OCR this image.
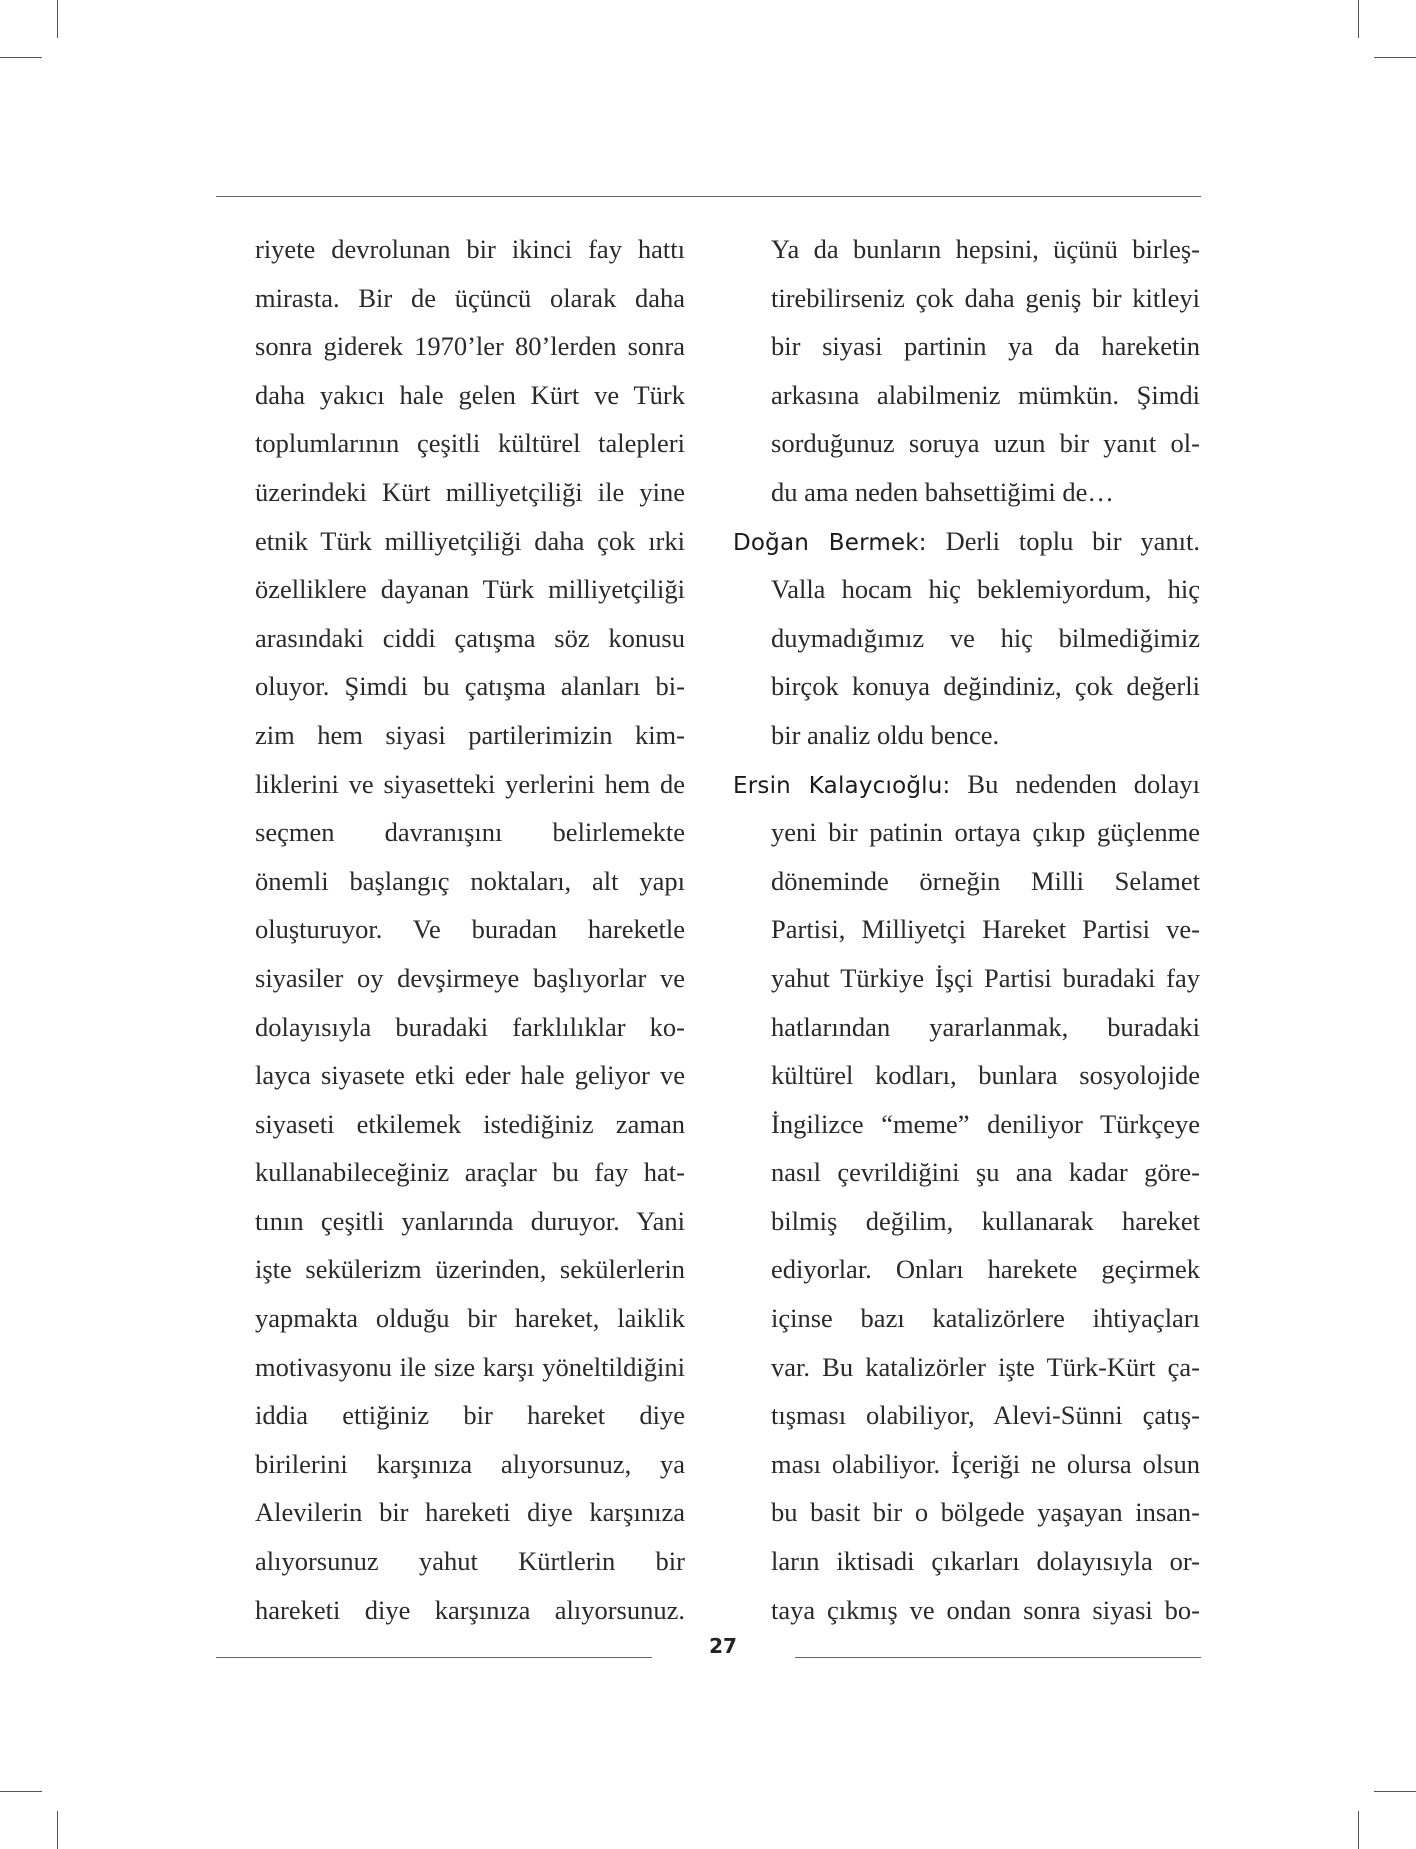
riyete devrolunan bir ikinci fay hattı
mirasta. Bir de üçüncü olarak daha
sonra giderek 1970’ler 80’lerden sonra
daha yakıcı hale gelen Kürt ve Türk
toplumlarının çeşitli kültürel talepleri
üzerindeki Kürt milliyetçiliği ile yine
etnik Türk milliyetçiliği daha çok ırki
özelliklere dayanan Türk milliyetçiliği
arasındaki ciddi çatışma söz konusu
oluyor. Şimdi bu çatışma alanları bi-
zim hem siyasi partilerimizin kim-
liklerini ve siyasetteki yerlerini hem de
seçmen davranışını belirlemekte
önemli başlangıç noktaları, alt yapı
oluşturuyor. Ve buradan hareketle
siyasiler oy devşirmeye başlıyorlar ve
dolayısıyla buradaki farklılıklar ko-
layca siyasete etki eder hale geliyor ve
siyaseti etkilemek istediğiniz zaman
kullanabileceğiniz araçlar bu fay hat-
tının çeşitli yanlarında duruyor. Yani
işte sekülerizm üzerinden, sekülerlerin
yapmakta olduğu bir hareket, laiklik
motivasyonu ile size karşı yöneltildiğini
iddia ettiğiniz bir hareket diye
birilerini karşınıza alıyorsunuz, ya
Alevilerin bir hareketi diye karşınıza
alıyorsunuz yahut Kürtlerin bir
hareketi diye karşınıza alıyorsunuz.
Ya da bunların hepsini, üçünü birleş-
tirebilirseniz çok daha geniş bir kitleyi
bir siyasi partinin ya da hareketin
arkasına alabilmeniz mümkün. Şimdi
sorduğunuz soruya uzun bir yanıt ol-
du ama neden bahsettiğimi de…
Doğan Bermek: Derli toplu bir yanıt.
Valla hocam hiç beklemiyordum, hiç
duymadığımız ve hiç bilmediğimiz
birçok konuya değindiniz, çok değerli
bir analiz oldu bence.
Ersin Kalaycıoğlu: Bu nedenden dolayı
yeni bir patinin ortaya çıkıp güçlenme
döneminde örneğin Milli Selamet
Partisi, Milliyetçi Hareket Partisi ve-
yahut Türkiye İşçi Partisi buradaki fay
hatlarından yararlanmak, buradaki
kültürel kodları, bunlara sosyolojide
İngilizce “meme” deniliyor Türkçeye
nasıl çevrildiğini şu ana kadar göre-
bilmiş değilim, kullanarak hareket
ediyorlar. Onları harekete geçirmek
içinse bazı katalizörlere ihtiyaçları
var. Bu katalizörler işte Türk-Kürt ça-
tışması olabiliyor, Alevi-Sünni çatış-
ması olabiliyor. İçeriği ne olursa olsun
bu basit bir o bölgede yaşayan insan-
ların iktisadi çıkarları dolayısıyla or-
taya çıkmış ve ondan sonra siyasi bo-
27
